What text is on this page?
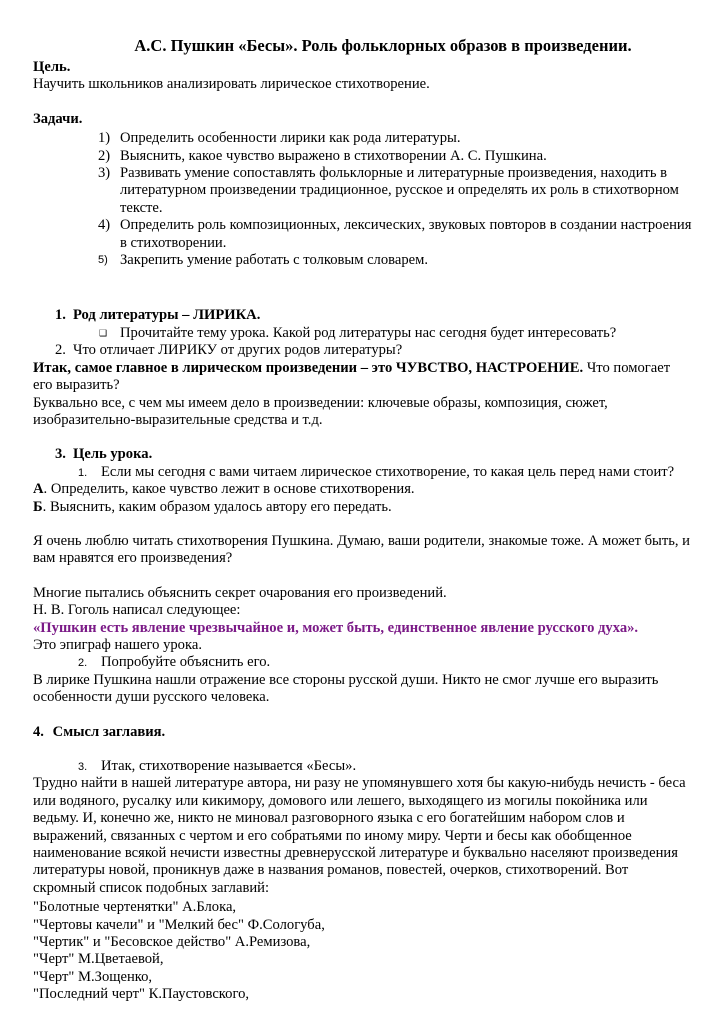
А.С. Пушкин «Бесы». Роль фольклорных образов в произведении.
Цель.
Научить школьников анализировать лирическое стихотворение.
Задачи.
1) Определить особенности лирики как рода литературы.
2) Выяснить, какое чувство выражено в стихотворении А. С. Пушкина.
3) Развивать умение сопоставлять фольклорные и литературные произведения, находить в литературном произведении традиционное, русское и определять их роль в стихотворном тексте.
4) Определить роль композиционных, лексических, звуковых повторов в создании настроения в стихотворении.
5) Закрепить умение работать с толковым словарем.
1. Род литературы – ЛИРИКА.
❑ Прочитайте тему урока. Какой род литературы нас сегодня будет интересовать?
2. Что отличает ЛИРИКУ от других родов литературы?
Итак, самое главное в лирическом произведении – это ЧУВСТВО, НАСТРОЕНИЕ. Что помогает его выразить?
Буквально все, с чем мы имеем дело в произведении: ключевые образы, композиция, сюжет, изобразительно-выразительные средства и т.д.
3. Цель урока.
1. Если мы сегодня с вами читаем лирическое стихотворение, то какая цель перед нами стоит?
А. Определить, какое чувство лежит в основе стихотворения.
Б. Выяснить, каким образом удалось автору его передать.
Я очень люблю читать стихотворения Пушкина. Думаю, ваши родители, знакомые тоже. А может быть, и вам нравятся его произведения?
Многие пытались объяснить секрет очарования его произведений.
Н. В. Гоголь написал следующее:
«Пушкин есть явление чрезвычайное и, может быть, единственное явление русского духа».
Это эпиграф нашего урока.
2. Попробуйте объяснить его.
В лирике Пушкина нашли отражение все стороны русской души. Никто не смог лучше его выразить особенности души русского человека.
4. Смысл заглавия.
3. Итак, стихотворение называется «Бесы».
Трудно найти в нашей литературе автора, ни разу не упомянувшего хотя бы какую-нибудь нечисть - беса или водяного, русалку или кикимору, домового или лешего, выходящего из могилы покойника или ведьму. И, конечно же, никто не миновал разговорного языка с его богатейшим набором слов и выражений, связанных с чертом и его собратьями по иному миру. Черти и бесы как обобщенное наименование всякой нечисти известны древнерусской литературе и буквально населяют произведения литературы новой, проникнув даже в названия романов, повестей, очерков, стихотворений. Вот скромный список подобных заглавий:
"Болотные чертенятки" А.Блока,
"Чертовы качели" и "Мелкий бес" Ф.Сологуба,
"Чертик" и "Бесовское действо" А.Ремизова,
"Черт" М.Цветаевой,
"Черт" М.Зощенко,
"Последний черт" К.Паустовского,
